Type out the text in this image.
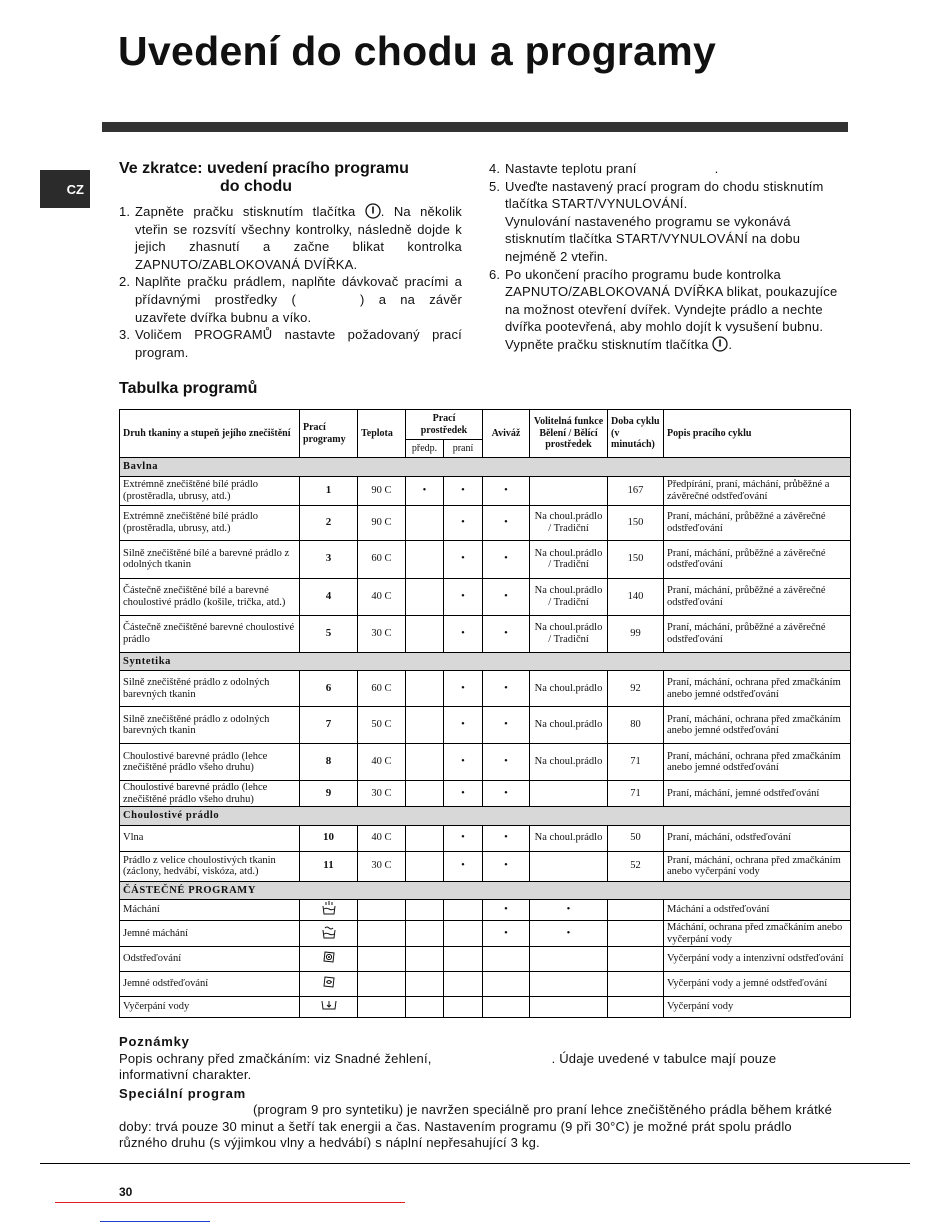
Uvedení do chodu a programy
CZ
Ve zkratce: uvedení pracího programu
do chodu
1. Zapněte pračku stisknutím tlačítka . Na několik vteřin se rozsvítí všechny kontrolky, následně dojde k jejich zhasnutí a začne blikat kontrolka ZAPNUTO/ZABLOKOVANÁ DVÍŘKA.
2. Naplňte pračku prádlem, naplňte dávkovač pracími a přídavnými prostředky (	) a na závěr uzavřete dvířka bubnu a víko.
3. Voličem PROGRAMŮ nastavte požadovaný prací program.
4. Nastavte teplotu praní	.
5. Uveďte nastavený prací program do chodu stisknutím tlačítka START/VYNULOVÁNÍ.
Vynulování nastaveného programu se vykonává stisknutím tlačítka START/VYNULOVÁNÍ na dobu nejméně 2 vteřin.
6. Po ukončení pracího programu bude kontrolka ZAPNUTO/ZABLOKOVANÁ DVÍŘKA blikat, poukazujíce na možnost otevření dvířek. Vyndejte prádlo a nechte dvířka pootevřená, aby mohlo dojít k vysušení bubnu. Vypněte pračku stisknutím tlačítka .
Tabulka programů
Druh tkaniny a stupeň jejího znečištění	Prací programy	Teplota	Prací prostředek		Aviváž	Volitelná funkce Bělení / Bělící prostředek	Doba cyklu (v minutách)	Popis pracího cyklu
			předp.	praní				
Bavlna								
Extrémně znečištěné bílé prádlo (prostěradla, ubrusy, atd.)	1	90 C	•	•	•		167	Předpírání, praní, máchání, průběžné a závěrečné odstřeďování
Extrémně znečištěné bílé prádlo (prostěradla, ubrusy, atd.)	2	90 C		•	•	Na choul.prádlo / Tradiční	150	Praní, máchání, průběžné a závěrečné odstřeďování
Silně znečištěné bílé a barevné prádlo z odolných tkanin	3	60 C		•	•	Na choul.prádlo / Tradiční	150	Praní, máchání, průběžné a závěrečné odstřeďování
Částečně znečištěné bílé a barevné choulostivé prádlo (košile, trička, atd.)	4	40 C		•	•	Na choul.prádlo / Tradiční	140	Praní, máchání, průběžné a závěrečné odstřeďování
Částečně znečištěné barevné choulostivé prádlo	5	30 C		•	•	Na choul.prádlo / Tradiční	99	Praní, máchání, průběžné a závěrečné odstřeďování
Syntetika								
Silně znečištěné prádlo z odolných barevných tkanin	6	60 C		•	•	Na choul.prádlo	92	Praní, máchání, ochrana před zmačkáním anebo jemné odstřeďování
Silně znečištěné prádlo z odolných barevných tkanin	7	50 C		•	•	Na choul.prádlo	80	Praní, máchání, ochrana před zmačkáním anebo jemné odstřeďování
Choulostivé barevné prádlo (lehce znečištěné prádlo všeho druhu)	8	40 C		•	•	Na choul.prádlo	71	Praní, máchání, ochrana před zmačkáním anebo jemné odstřeďování
Choulostivé barevné prádlo (lehce znečištěné prádlo všeho druhu)	9	30 C		•	•		71	Praní, máchání, jemné odstřeďování
Choulostivé prádlo								
Vlna	10	40 C		•	•	Na choul.prádlo	50	Praní, máchání, odstřeďování
Prádlo z velice choulostivých tkanin (záclony, hedvábí, viskóza, atd.)	11	30 C		•	•		52	Praní, máchání, ochrana před zmačkáním anebo vyčerpání vody
ČÁSTEČNÉ PROGRAMY								
Máchání					•	•		Máchání a odstřeďování
Jemné máchání					•	•		Máchání, ochrana před zmačkáním anebo vyčerpání vody
Odstřeďování								Vyčerpání vody a intenzivní odstřeďování
Jemné odstřeďování								Vyčerpání vody a jemné odstřeďování
Vyčerpání vody								Vyčerpání vody
Poznámky
Popis ochrany před zmačkáním: viz Snadné žehlení,	. Údaje uvedené v tabulce mají pouze informativní charakter.
Speciální program
(program 9 pro syntetiku) je navržen speciálně pro praní lehce znečištěného prádla během krátké doby: trvá pouze 30 minut a šetří tak energii a čas. Nastavením programu (9 při 30°C) je možné prát spolu prádlo různého druhu (s výjimkou vlny a hedvábí) s náplní nepřesahující 3 kg.
30
